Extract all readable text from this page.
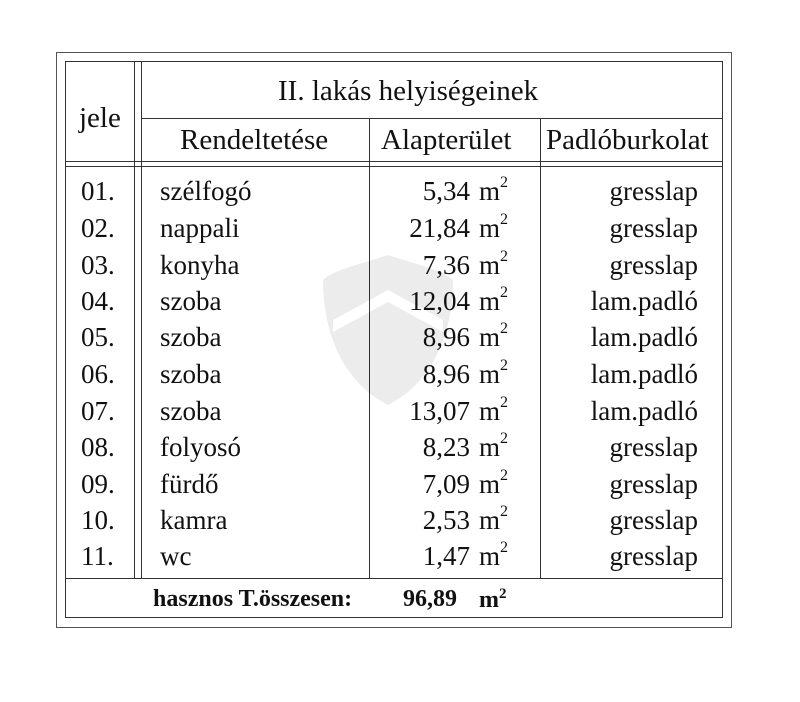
jele
II. lakás helyiségeinek
Rendeltetése Alapterület Padlóburkolat
01. szélfogó	5,34 $m^2$	gresslap
02. nappali	21,84 $m^2$	gresslap
03. konyha	7,36 $m^2$	gresslap
04. szoba	12,04 $m^2$	lam.padló
05. szoba	8,96 $m^2$	lam.padló
06. szoba	8,96 $m^2$	lam.padló
07. szoba	13,07 $m^2$	lam.padló
08. folyosó	8,23 $m^2$	gresslap
09. fürdő	7,09 $m^2$	gresslap
10. kamra	2,53 $m^2$	gresslap
11. wc	1,47 $m^2$	gresslap
hasznos T.összesen: 96,89 $m^2$
